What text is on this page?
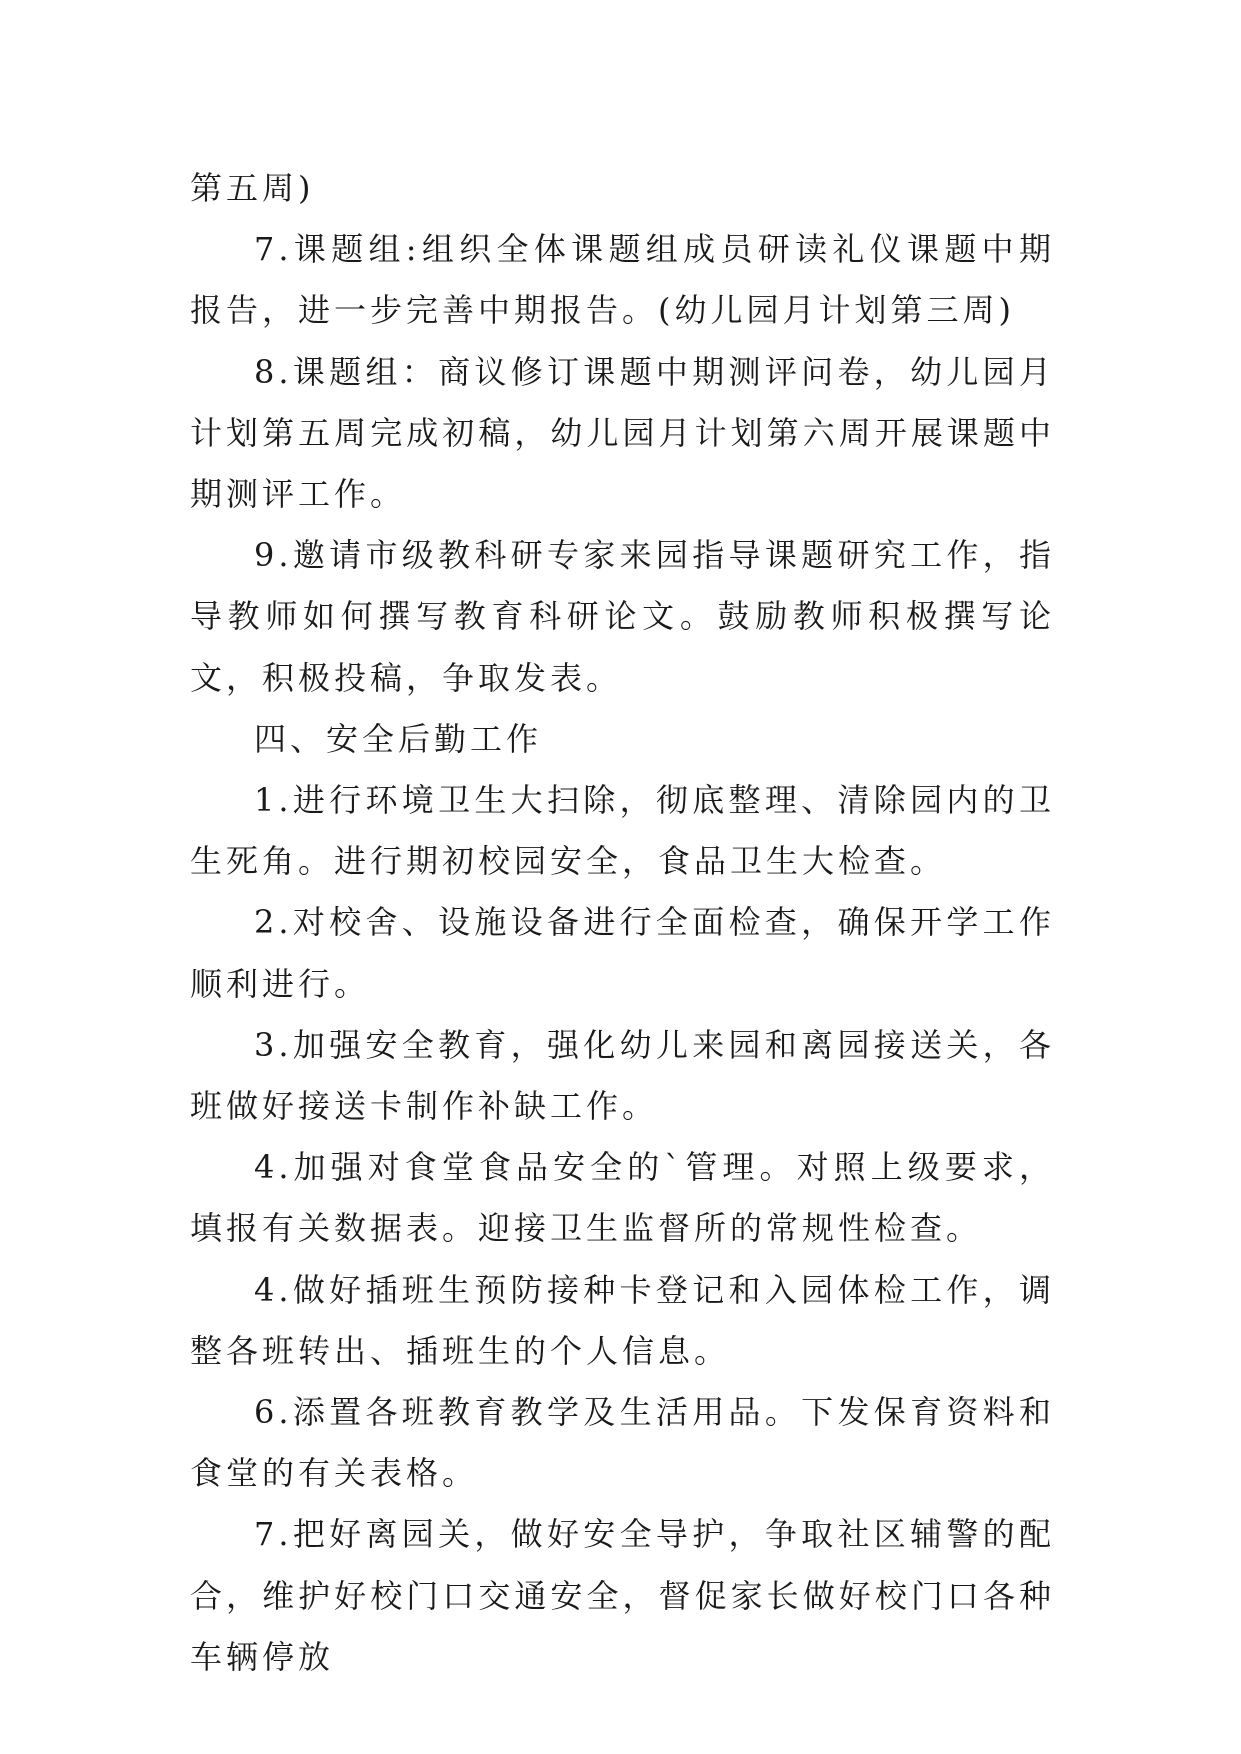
第五周)

7.课题组:组织全体课题组成员研读礼仪课题中期报告，进一步完善中期报告。(幼儿园月计划第三周)

8.课题组：商议修订课题中期测评问卷，幼儿园月计划第五周完成初稿，幼儿园月计划第六周开展课题中期测评工作。

9.邀请市级教科研专家来园指导课题研究工作，指导教师如何撰写教育科研论文。鼓励教师积极撰写论文，积极投稿，争取发表。

四、安全后勤工作

1.进行环境卫生大扫除，彻底整理、清除园内的卫生死角。进行期初校园安全，食品卫生大检查。

2.对校舍、设施设备进行全面检查，确保开学工作顺利进行。

3.加强安全教育，强化幼儿来园和离园接送关，各班做好接送卡制作补缺工作。

4.加强对食堂食品安全的`管理。对照上级要求，填报有关数据表。迎接卫生监督所的常规性检查。

4.做好插班生预防接种卡登记和入园体检工作，调整各班转出、插班生的个人信息。

6.添置各班教育教学及生活用品。下发保育资料和食堂的有关表格。

7.把好离园关，做好安全导护，争取社区辅警的配合，维护好校门口交通安全，督促家长做好校门口各种车辆停放
